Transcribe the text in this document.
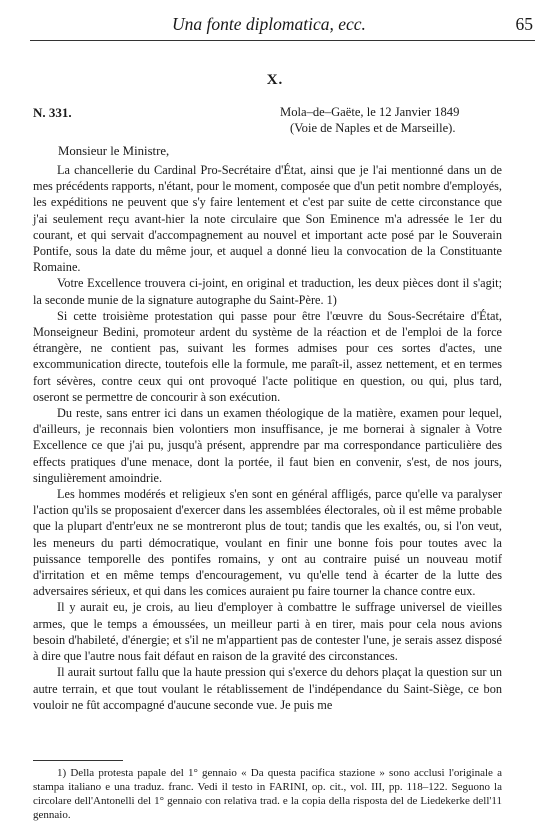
Una fonte diplomatica, ecc.	65
X.
N. 331.	Mola–de–Gaëte, le 12 Janvier 1849
(Voie de Naples et de Marseille).
Monsieur le Ministre,

La chancellerie du Cardinal Pro-Secrétaire d'État, ainsi que je l'ai mentionné dans un de mes précédents rapports, n'étant, pour le moment, composée que d'un petit nombre d'employés, les expéditions ne peuvent que s'y faire lentement et c'est par suite de cette circonstance que j'ai seulement reçu avant-hier la note circulaire que Son Eminence m'a adressée le 1er du courant, et qui servait d'accompagnement au nouvel et important acte posé par le Souverain Pontife, sous la date du même jour, et auquel a donné lieu la convocation de la Constituante Romaine.

Votre Excellence trouvera ci-joint, en original et traduction, les deux pièces dont il s'agit; la seconde munie de la signature autographe du Saint-Père. 1)

Si cette troisième protestation qui passe pour être l'œuvre du Sous-Secrétaire d'État, Monseigneur Bedini, promoteur ardent du système de la réaction et de l'emploi de la force étrangère, ne contient pas, suivant les formes admises pour ces sortes d'actes, une excommunication directe, toutefois elle la formule, me paraît-il, assez nettement, et en termes fort sévères, contre ceux qui ont provoqué l'acte politique en question, ou qui, plus tard, oseront se permettre de concourir à son exécution.

Du reste, sans entrer ici dans un examen théologique de la matière, examen pour lequel, d'ailleurs, je reconnais bien volontiers mon insuffisance, je me bornerai à signaler à Votre Excellence ce que j'ai pu, jusqu'à présent, apprendre par ma correspondance particulière des effects pratiques d'une menace, dont la portée, il faut bien en convenir, s'est, de nos jours, singulièrement amoindrie.

Les hommes modérés et religieux s'en sont en général affligés, parce qu'elle va paralyser l'action qu'ils se proposaient d'exercer dans les assemblées électorales, où il est même probable que la plupart d'entr'eux ne se montreront plus de tout; tandis que les exaltés, ou, si l'on veut, les meneurs du parti démocratique, voulant en finir une bonne fois pour toutes avec la puissance temporelle des pontifes romains, y ont au contraire puisé un nouveau motif d'irritation et en même temps d'encouragement, vu qu'elle tend à écarter de la lutte des adversaires sérieux, et qui dans les comices auraient pu faire tourner la chance contre eux.

Il y aurait eu, je crois, au lieu d'employer à combattre le suffrage universel de vieilles armes, que le temps a émoussées, un meilleur parti à en tirer, mais pour cela nous avions besoin d'habileté, d'énergie; et s'il ne m'appartient pas de contester l'une, je serais assez disposé à dire que l'autre nous fait défaut en raison de la gravité des circonstances.

Il aurait surtout fallu que la haute pression qui s'exerce du dehors plaçat la question sur un autre terrain, et que tout voulant le rétablissement de l'indépendance du Saint-Siège, ce bon vouloir ne fût accompagné d'aucune seconde vue. Je puis me

1) Della protesta papale del 1° gennaio « Da questa pacifica stazione » sono acclusi l'originale a stampa italiano e una traduz. franc. Vedi il testo in FARINI, op. cit., vol. III, pp. 118–122. Seguono la circolare dell'Antonelli del 1° gennaio con relativa trad. e la copia della risposta del de Liedekerke dell'11 gennaio.
